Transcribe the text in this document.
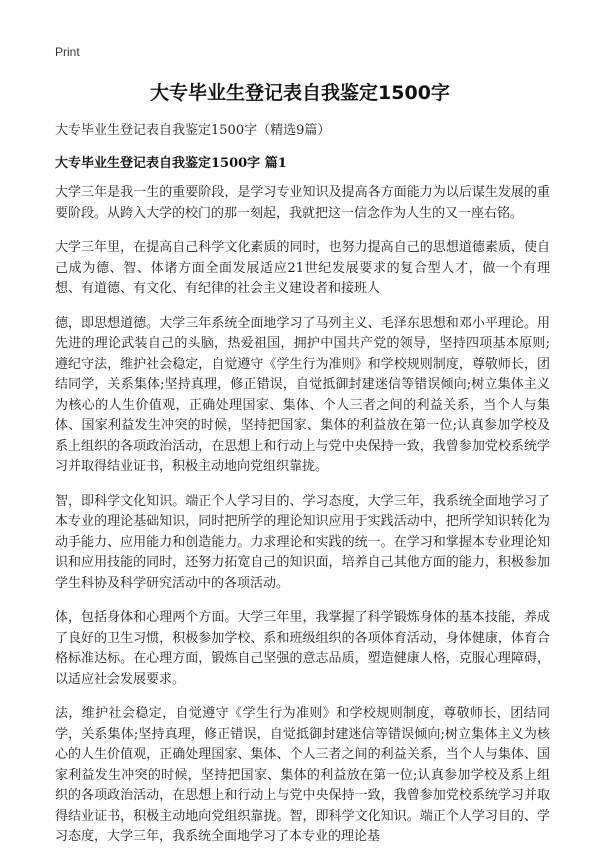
Print
大专毕业生登记表自我鉴定1500字

大专毕业生登记表自我鉴定1500字（精选9篇）

大专毕业生登记表自我鉴定1500字 篇1

大学三年是我一生的重要阶段，是学习专业知识及提高各方面能力为以后谋生发展的重要阶段。从跨入大学的校门的那一刻起，我就把这一信念作为人生的又一座右铭。

大学三年里，在提高自己科学文化素质的同时，也努力提高自己的思想道德素质，使自己成为德、智、体诸方面全面发展适应21世纪发展要求的复合型人才，做一个有理想、有道德、有文化、有纪律的社会主义建设者和接班人

德，即思想道德。大学三年系统全面地学习了马列主义、毛泽东思想和邓小平理论。用先进的理论武装自己的头脑，热爱祖国，拥护中国共产党的领导，坚持四项基本原则;遵纪守法，维护社会稳定，自觉遵守《学生行为准则》和学校规则制度，尊敬师长，团结同学，关系集体;坚持真理，修正错误，自觉抵御封建迷信等错误倾向;树立集体主义为核心的人生价值观，正确处理国家、集体、个人三者之间的利益关系，当个人与集体、国家利益发生冲突的时候，坚持把国家、集体的利益放在第一位;认真参加学校及系上组织的各项政治活动，在思想上和行动上与党中央保持一致，我曾参加党校系统学习并取得结业证书，积极主动地向党组织靠拢。

智，即科学文化知识。端正个人学习目的、学习态度，大学三年，我系统全面地学习了本专业的理论基础知识，同时把所学的理论知识应用于实践活动中，把所学知识转化为动手能力、应用能力和创造能力。力求理论和实践的统一。在学习和掌握本专业理论知识和应用技能的同时，还努力拓宽自己的知识面，培养自己其他方面的能力，积极参加学生科协及科学研究活动中的各项活动。

体，包括身体和心理两个方面。大学三年里，我掌握了科学锻炼身体的基本技能，养成了良好的卫生习惯，积极参加学校、系和班级组织的各项体育活动，身体健康，体育合格标准达标。在心理方面，锻炼自己坚强的意志品质，塑造健康人格，克服心理障碍，以适应社会发展要求。

法，维护社会稳定，自觉遵守《学生行为准则》和学校规则制度，尊敬师长，团结同学，关系集体;坚持真理，修正错误，自觉抵御封建迷信等错误倾向;树立集体主义为核心的人生价值观，正确处理国家、集体、个人三者之间的利益关系，当个人与集体、国家利益发生冲突的时候，坚持把国家、集体的利益放在第一位;认真参加学校及系上组织的各项政治活动，在思想上和行动上与党中央保持一致，我曾参加党校系统学习并取得结业证书，积极主动地向党组织靠拢。智，即科学文化知识。端正个人学习目的、学习态度，大学三年，我系统全面地学习了本专业的理论基
